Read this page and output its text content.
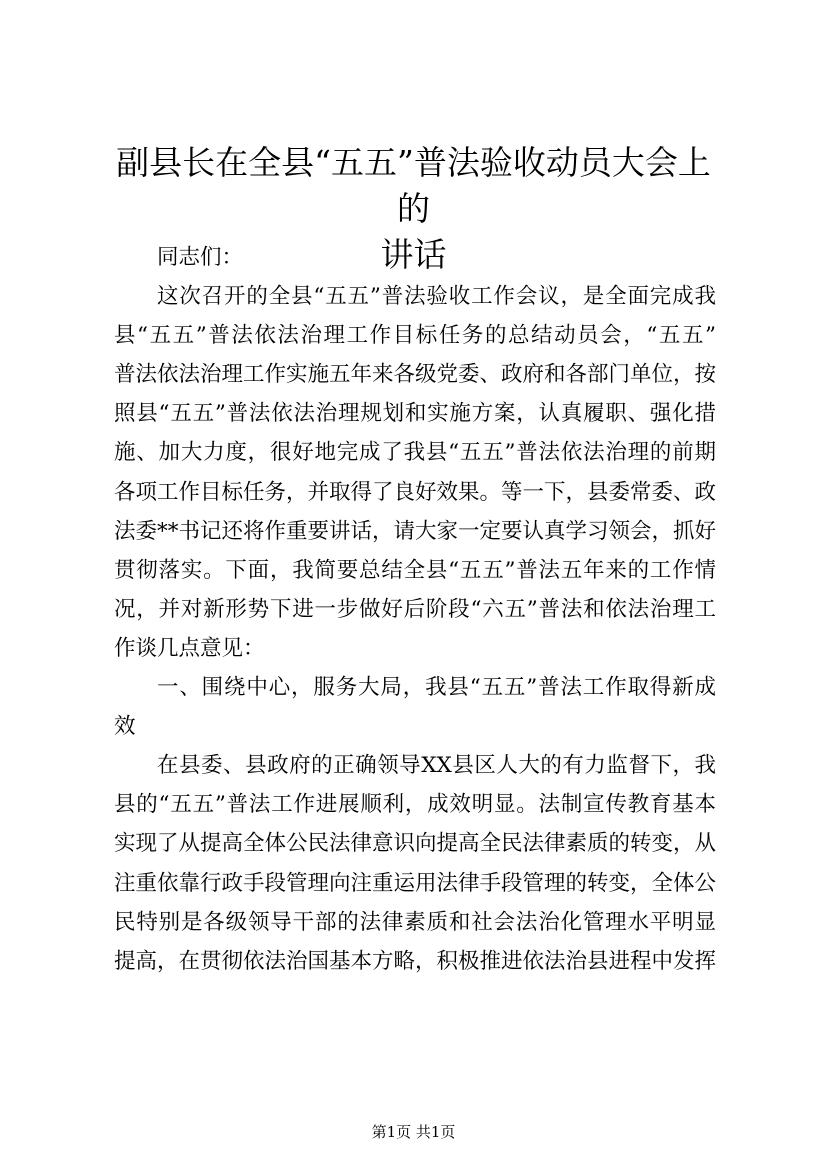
副县长在全县“五五”普法验收动员大会上的
讲话
同志们：
这次召开的全县“五五”普法验收工作会议，是全面完成我
县“五五”普法依法治理工作目标任务的总结动员会，“五五”
普法依法治理工作实施五年来各级党委、政府和各部门单位，按
照县“五五”普法依法治理规划和实施方案，认真履职、强化措
施、加大力度，很好地完成了我县“五五”普法依法治理的前期
各项工作目标任务，并取得了良好效果。等一下，县委常委、政
法委**书记还将作重要讲话，请大家一定要认真学习领会，抓好
贯彻落实。下面，我简要总结全县“五五”普法五年来的工作情
况，并对新形势下进一步做好后阶段“六五”普法和依法治理工
作谈几点意见：
一、围绕中心，服务大局，我县“五五”普法工作取得新成
效
在县委、县政府的正确领导XX县区人大的有力监督下，我
县的“五五”普法工作进展顺利，成效明显。法制宣传教育基本
实现了从提高全体公民法律意识向提高全民法律素质的转变，从
注重依靠行政手段管理向注重运用法律手段管理的转变，全体公
民特别是各级领导干部的法律素质和社会法治化管理水平明显
提高，在贯彻依法治国基本方略，积极推进依法治县进程中发挥
第1页 共1页
